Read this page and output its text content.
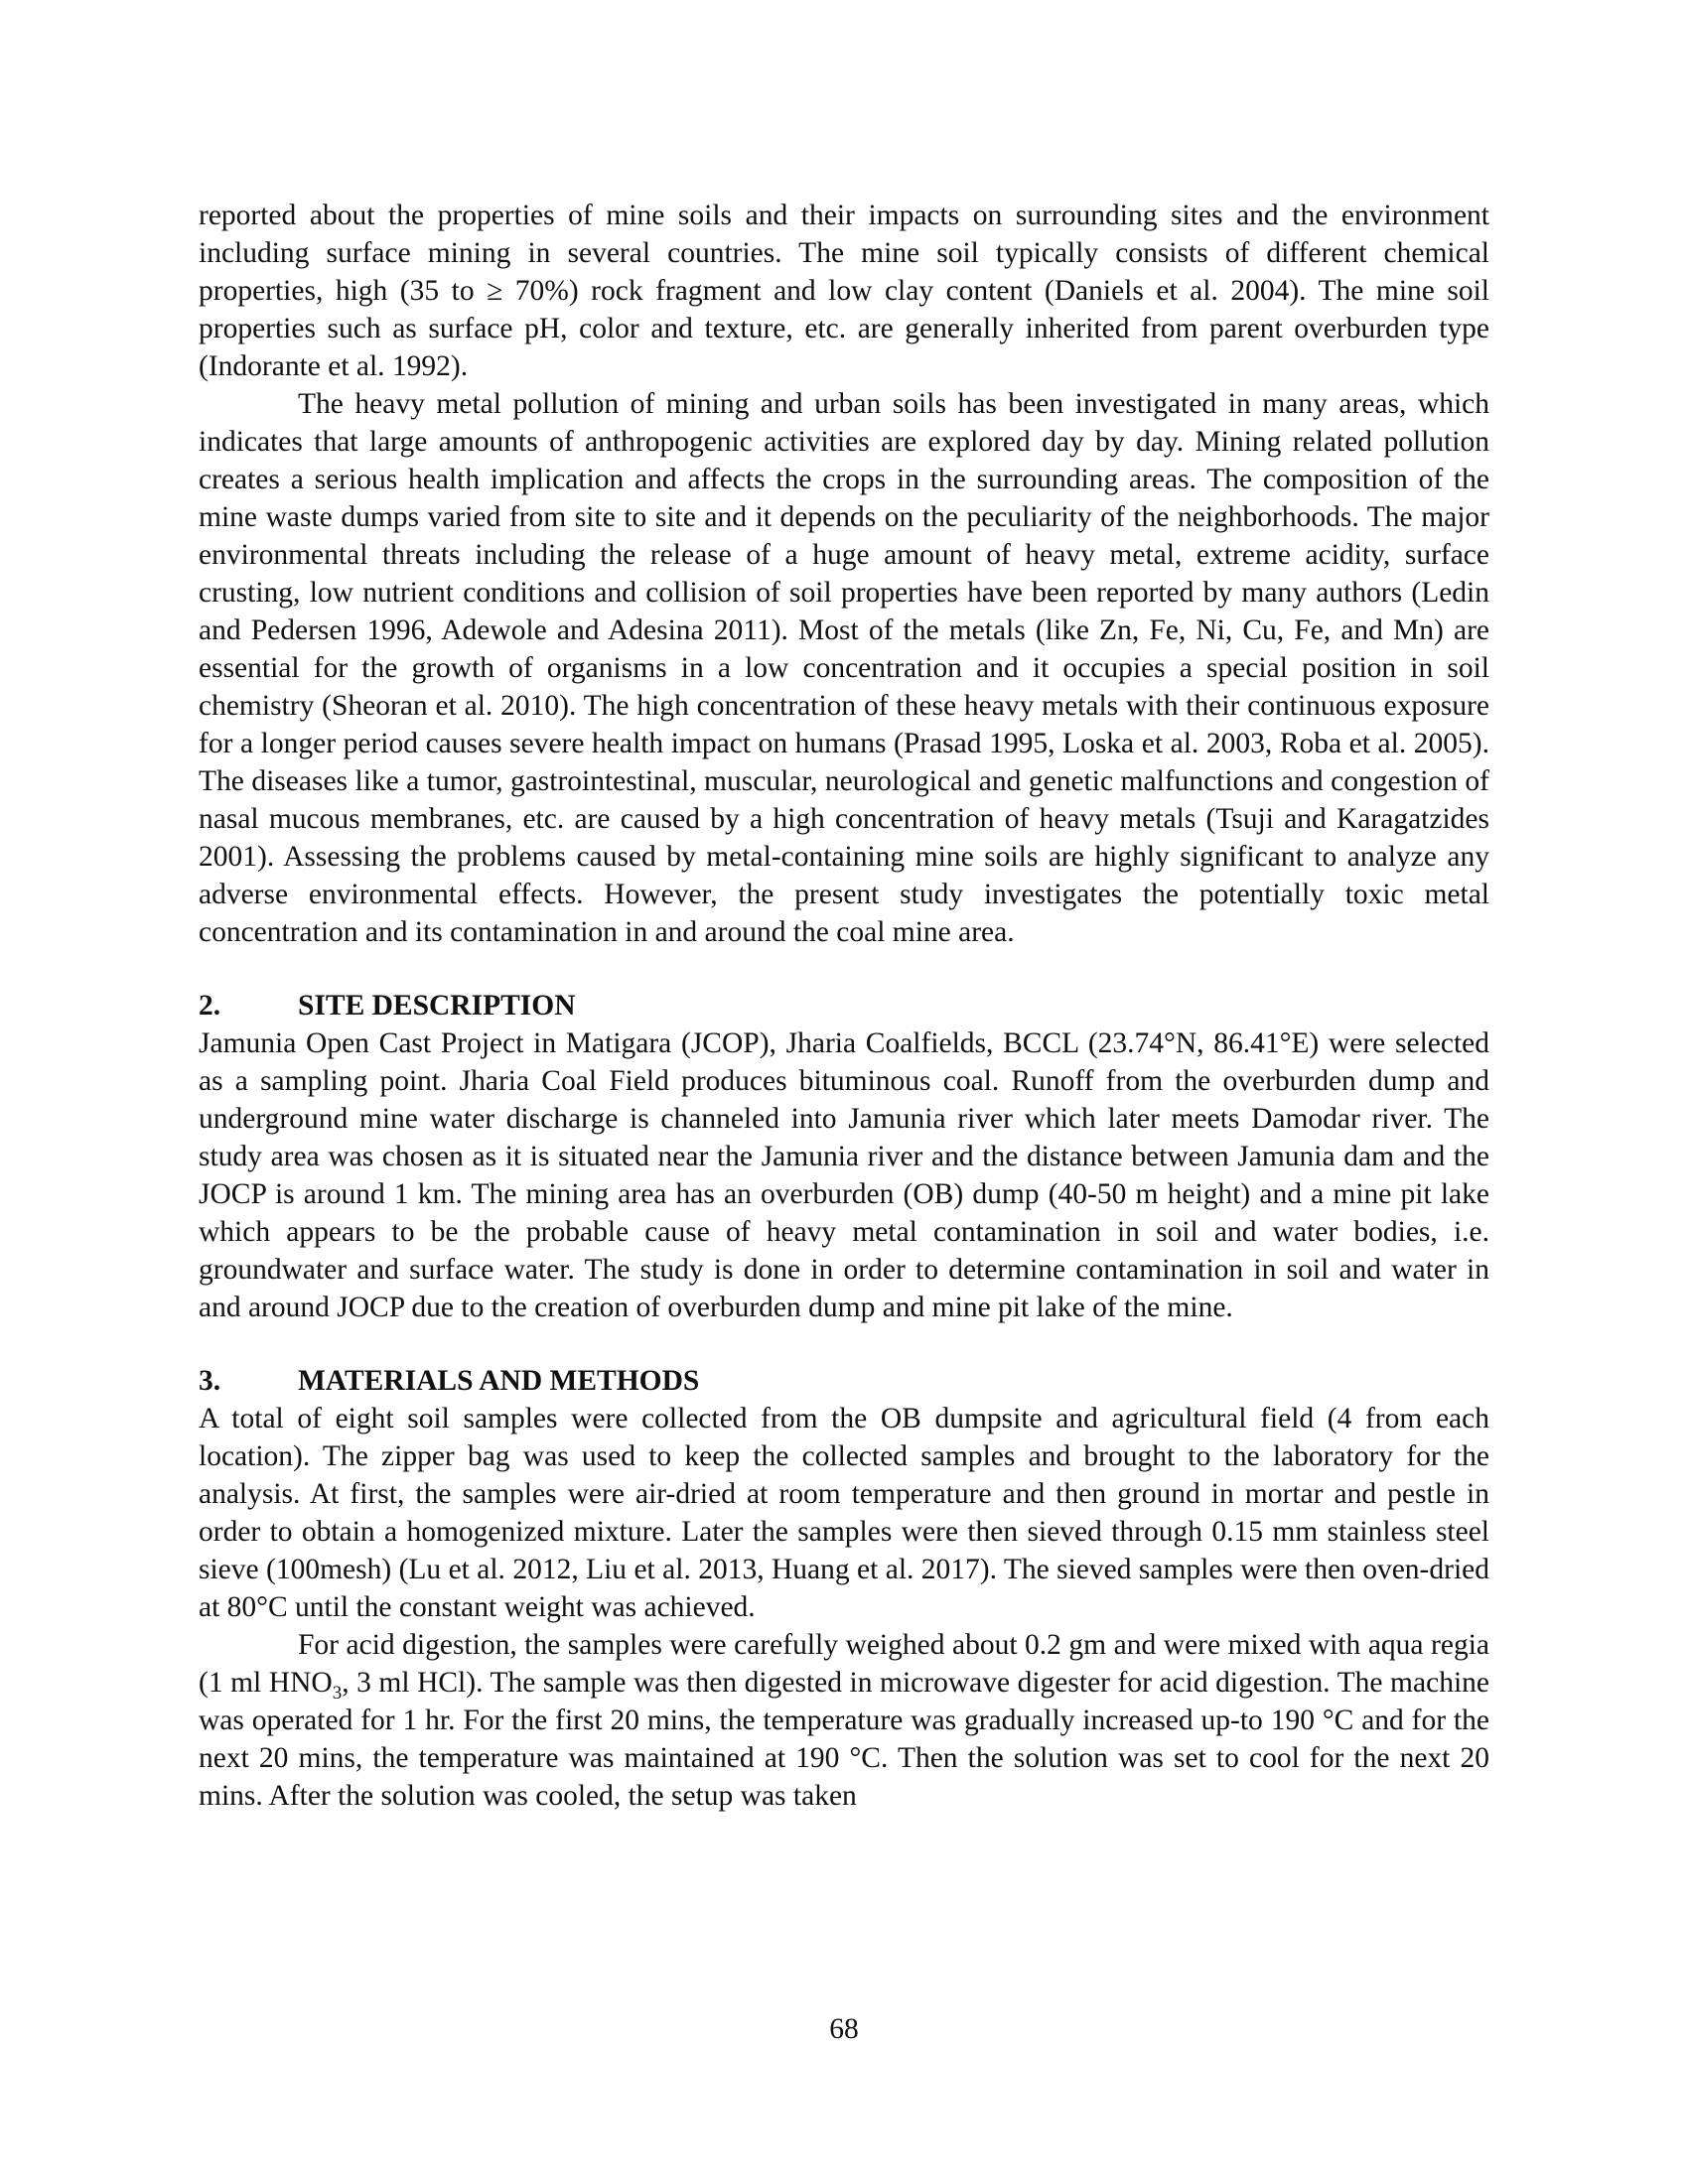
reported about the properties of mine soils and their impacts on surrounding sites and the environment including surface mining in several countries. The mine soil typically consists of different chemical properties, high (35 to ≥ 70%) rock fragment and low clay content (Daniels et al. 2004). The mine soil properties such as surface pH, color and texture, etc. are generally inherited from parent overburden type (Indorante et al. 1992).

The heavy metal pollution of mining and urban soils has been investigated in many areas, which indicates that large amounts of anthropogenic activities are explored day by day. Mining related pollution creates a serious health implication and affects the crops in the surrounding areas. The composition of the mine waste dumps varied from site to site and it depends on the peculiarity of the neighborhoods. The major environmental threats including the release of a huge amount of heavy metal, extreme acidity, surface crusting, low nutrient conditions and collision of soil properties have been reported by many authors (Ledin and Pedersen 1996, Adewole and Adesina 2011). Most of the metals (like Zn, Fe, Ni, Cu, Fe, and Mn) are essential for the growth of organisms in a low concentration and it occupies a special position in soil chemistry (Sheoran et al. 2010). The high concentration of these heavy metals with their continuous exposure for a longer period causes severe health impact on humans (Prasad 1995, Loska et al. 2003, Roba et al. 2005). The diseases like a tumor, gastrointestinal, muscular, neurological and genetic malfunctions and congestion of nasal mucous membranes, etc. are caused by a high concentration of heavy metals (Tsuji and Karagatzides 2001). Assessing the problems caused by metal-containing mine soils are highly significant to analyze any adverse environmental effects. However, the present study investigates the potentially toxic metal concentration and its contamination in and around the coal mine area.

2.	SITE DESCRIPTION

Jamunia Open Cast Project in Matigara (JCOP), Jharia Coalfields, BCCL (23.74°N, 86.41°E) were selected as a sampling point. Jharia Coal Field produces bituminous coal. Runoff from the overburden dump and underground mine water discharge is channeled into Jamunia river which later meets Damodar river. The study area was chosen as it is situated near the Jamunia river and the distance between Jamunia dam and the JOCP is around 1 km. The mining area has an overburden (OB) dump (40-50 m height) and a mine pit lake which appears to be the probable cause of heavy metal contamination in soil and water bodies, i.e. groundwater and surface water. The study is done in order to determine contamination in soil and water in and around JOCP due to the creation of overburden dump and mine pit lake of the mine.

3.	MATERIALS AND METHODS

A total of eight soil samples were collected from the OB dumpsite and agricultural field (4 from each location). The zipper bag was used to keep the collected samples and brought to the laboratory for the analysis. At first, the samples were air-dried at room temperature and then ground in mortar and pestle in order to obtain a homogenized mixture. Later the samples were then sieved through 0.15 mm stainless steel sieve (100mesh) (Lu et al. 2012, Liu et al. 2013, Huang et al. 2017). The sieved samples were then oven-dried at 80°C until the constant weight was achieved.

For acid digestion, the samples were carefully weighed about 0.2 gm and were mixed with aqua regia (1 ml $HNO_3$, 3 ml HCl). The sample was then digested in microwave digester for acid digestion. The machine was operated for 1 hr. For the first 20 mins, the temperature was gradually increased up-to 190 °C and for the next 20 mins, the temperature was maintained at 190 °C. Then the solution was set to cool for the next 20 mins. After the solution was cooled, the setup was taken

68
